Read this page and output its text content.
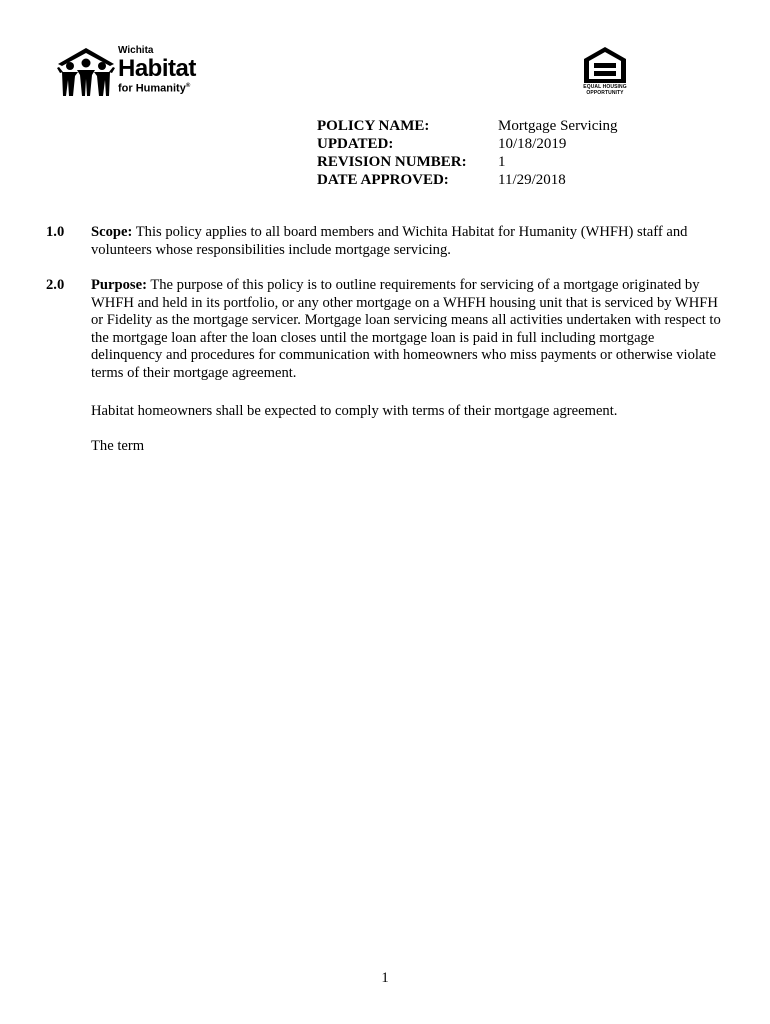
Wichita
Habitat
for Humanity®	EQUAL HOUSING
OPPORTUNITY
POLICY NAME:	Mortgage Servicing
UPDATED:	10/18/2019
REVISION NUMBER: 1
DATE APPROVED:	11/29/2018
1.0 Scope: This policy applies to all board members and Wichita Habitat for Humanity (WHFH) staff and volunteers whose responsibilities include mortgage servicing.
2.0 Purpose: The purpose of this policy is to outline requirements for servicing of a mortgage originated by WHFH and held in its portfolio, or any other mortgage on a WHFH housing unit that is serviced by WHFH or Fidelity as the mortgage servicer. Mortgage loan servicing means all activities undertaken with respect to the mortgage loan after the loan closes until the mortgage loan is paid in full including mortgage delinquency and procedures for communication with homeowners who miss payments or otherwise violate terms of their mortgage agreement.
Habitat homeowners shall be expected to comply with terms of their mortgage agreement.
The term
1
